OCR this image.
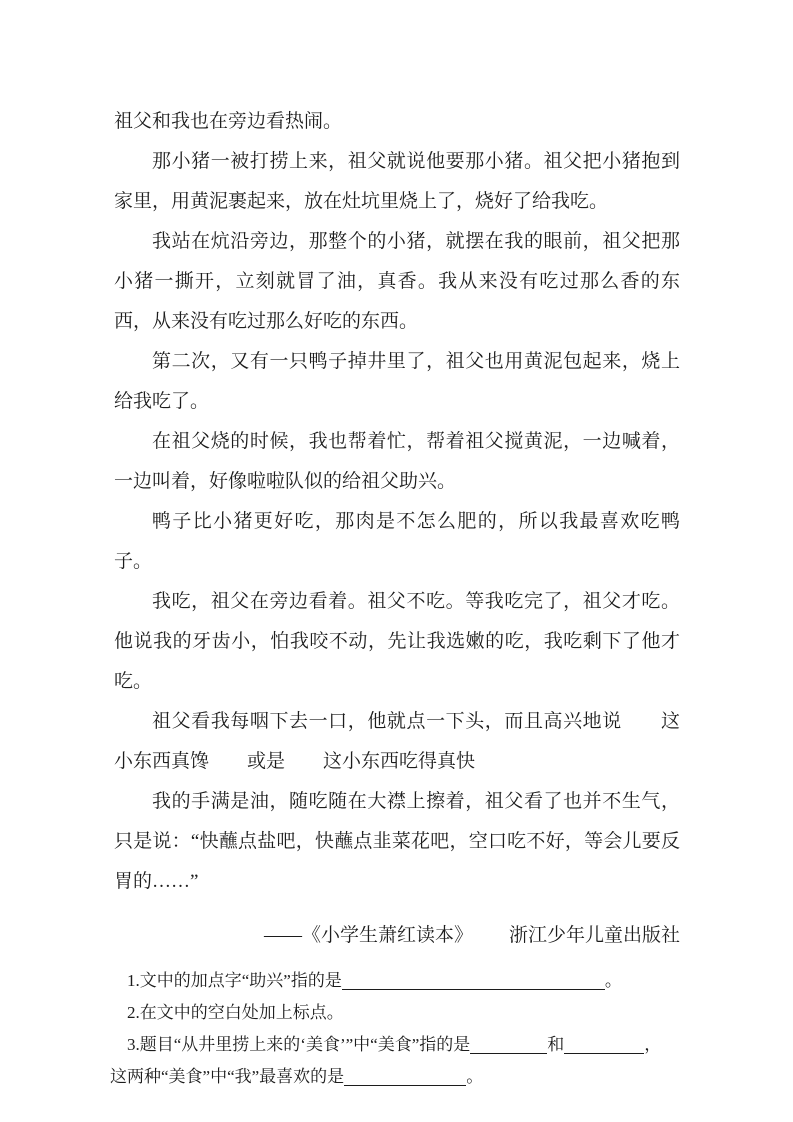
祖父和我也在旁边看热闹。

那小猪一被打捞上来，祖父就说他要那小猪。祖父把小猪抱到家里，用黄泥裹起来，放在灶坑里烧上了，烧好了给我吃。

我站在炕沿旁边，那整个的小猪，就摆在我的眼前，祖父把那小猪一撕开，立刻就冒了油，真香。我从来没有吃过那么香的东西，从来没有吃过那么好吃的东西。

第二次，又有一只鸭子掉井里了，祖父也用黄泥包起来，烧上给我吃了。

在祖父烧的时候，我也帮着忙，帮着祖父搅黄泥，一边喊着，一边叫着，好像啦啦队似的给祖父助兴。

鸭子比小猪更好吃，那肉是不怎么肥的，所以我最喜欢吃鸭子。

我吃，祖父在旁边看着。祖父不吃。等我吃完了，祖父才吃。他说我的牙齿小，怕我咬不动，先让我选嫩的吃，我吃剩下了他才吃。

祖父看我每咽下去一口，他就点一下头，而且高兴地说　　这小东西真馋　　或是　　这小东西吃得真快

我的手满是油，随吃随在大襟上擦着，祖父看了也并不生气，只是说：“快蘸点盐吧，快蘸点韭菜花吧，空口吃不好，等会儿要反胃的……”

——《小学生萧红读本》 浙江少年儿童出版社
1.文中的加点字“助兴”指的是	。
2.在文中的空白处加上标点。
3.题目“从井里捞上来的‘美食’”中“美食”指的是	和	，
这两种“美食”中“我”最喜欢的是	。
